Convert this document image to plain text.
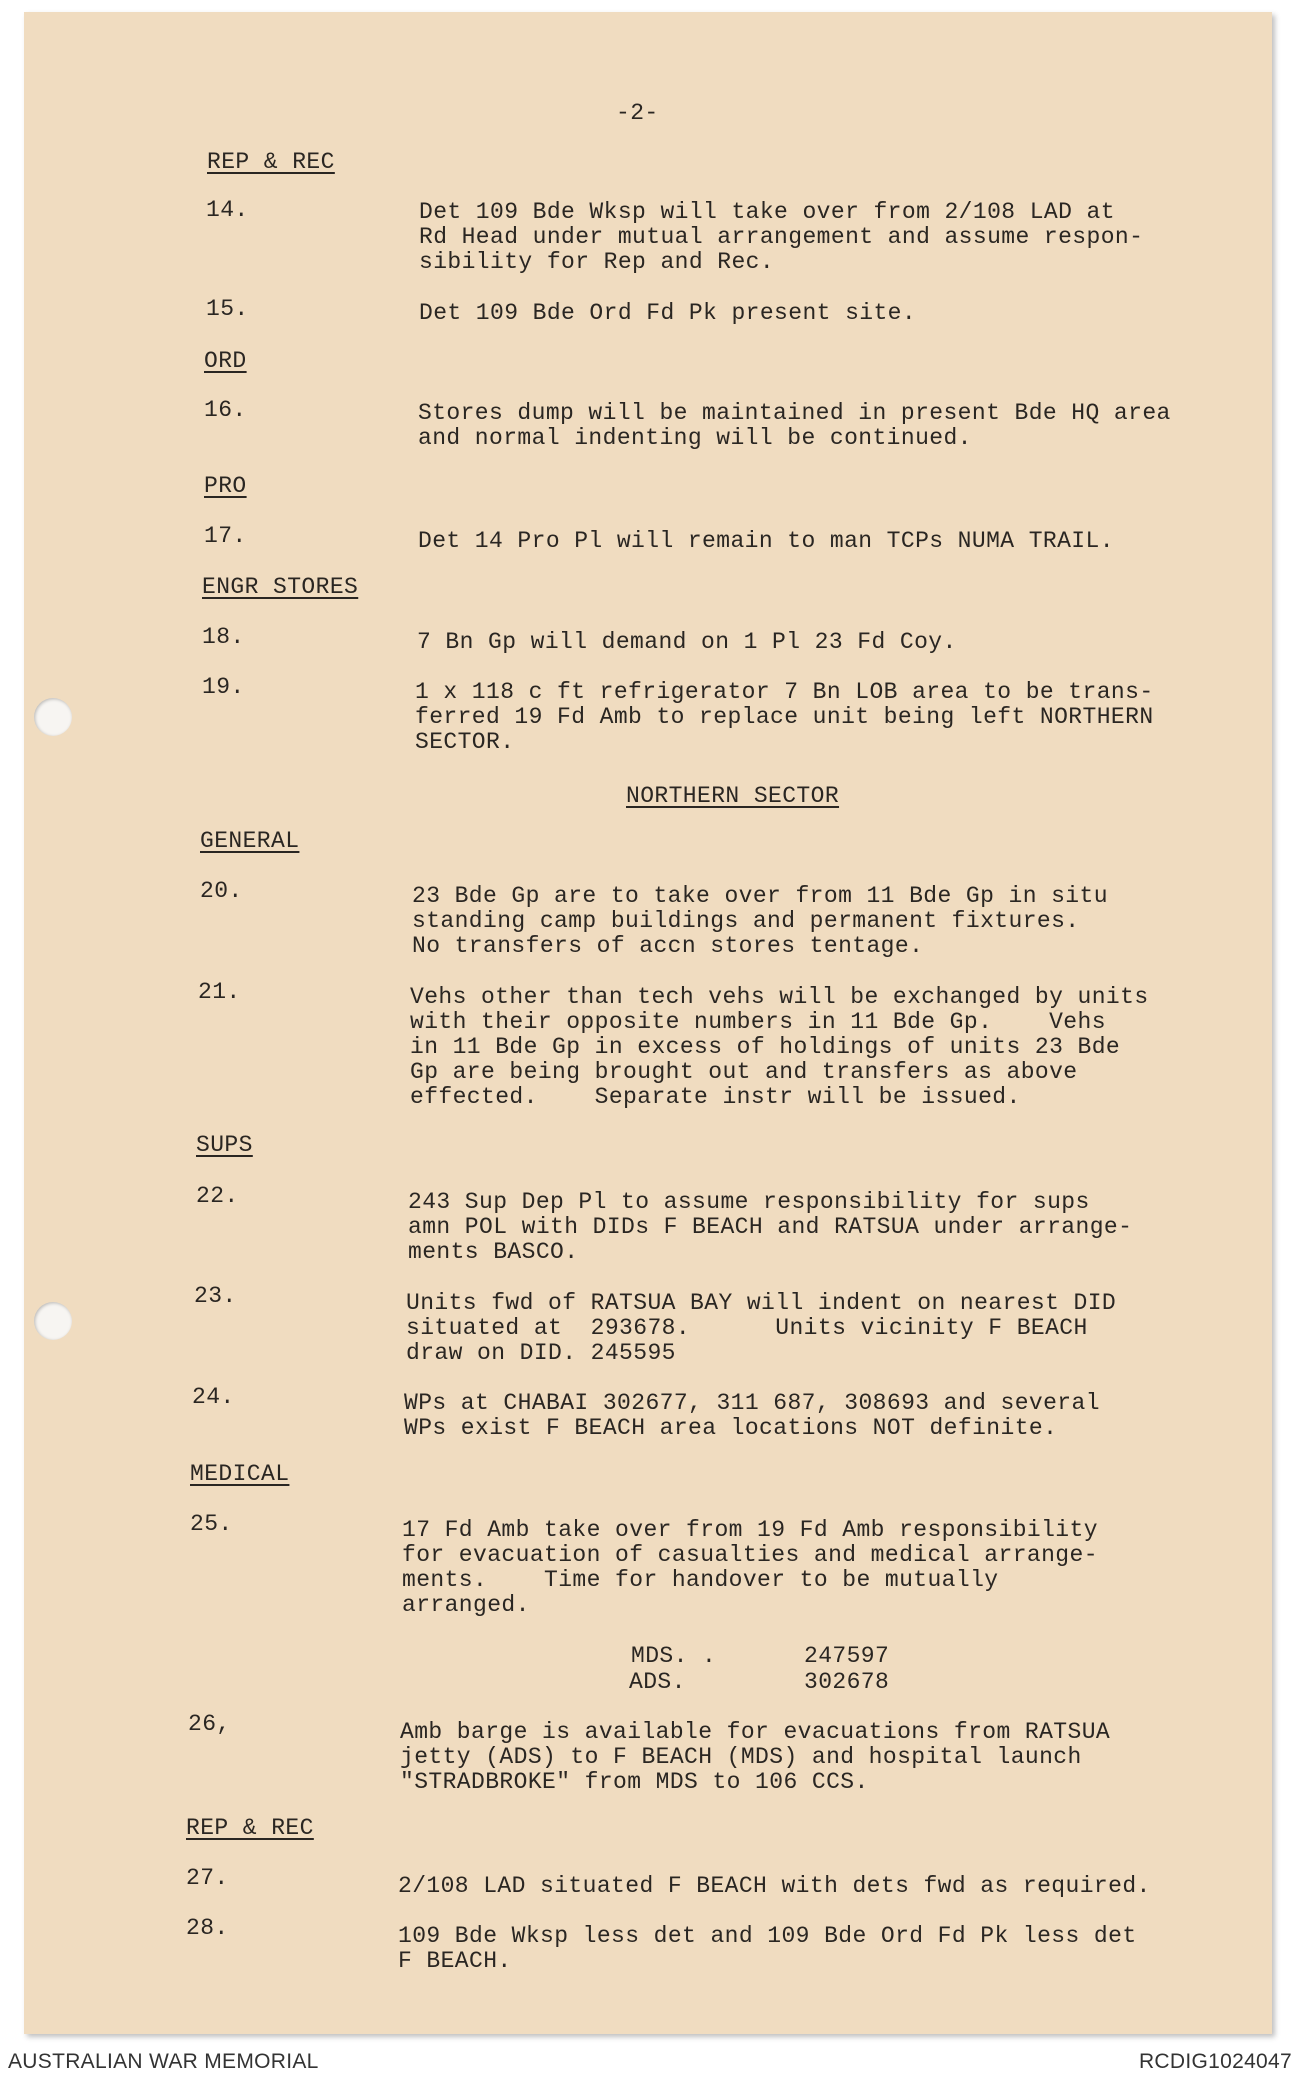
-2-
REP & REC
14.	Det 109 Bde Wksp will take over from 2/108 LAD at
Rd Head under mutual arrangement and assume respon-
sibility for Rep and Rec.
15.	Det 109 Bde Ord Fd Pk present site.
ORD
16.	Stores dump will be maintained in present Bde HQ area
and normal indenting will be continued.
PRO
17.	Det 14 Pro Pl will remain to man TCPs NUMA TRAIL.
ENGR STORES
18.	7 Bn Gp will demand on 1 Pl 23 Fd Coy.
19.	1 x 118 c ft refrigerator 7 Bn LOB area to be trans-
ferred 19 Fd Amb to replace unit being left NORTHERN
SECTOR.
NORTHERN SECTOR
GENERAL
20.	23 Bde Gp are to take over from 11 Bde Gp in situ
standing camp buildings and permanent fixtures.
No transfers of accn stores tentage.
21.	Vehs other than tech vehs will be exchanged by units
with their opposite numbers in 11 Bde Gp.    Vehs
in 11 Bde Gp in excess of holdings of units 23 Bde
Gp are being brought out and transfers as above
effected.    Separate instr will be issued.
SUPS
22.	243 Sup Dep Pl to assume responsibility for sups
amn POL with DIDs F BEACH and RATSUA under arrange-
ments BASCO.
23.	Units fwd of RATSUA BAY will indent on nearest DID
situated at  293678.      Units vicinity F BEACH
draw on DID. 245595
24.	WPs at CHABAI 302677, 311 687, 308693 and several
WPs exist F BEACH area locations NOT definite.
MEDICAL
25.	17 Fd Amb take over from 19 Fd Amb responsibility
for evacuation of casualties and medical arrange-
ments.    Time for handover to be mutually
arranged.
MDS. .	247597
ADS.	302678
26,	Amb barge is available for evacuations from RATSUA
jetty (ADS) to F BEACH (MDS) and hospital launch
"STRADBROKE" from MDS to 106 CCS.
REP & REC
27.	2/108 LAD situated F BEACH with dets fwd as required.
28.	109 Bde Wksp less det and 109 Bde Ord Fd Pk less det
F BEACH.
AUSTRALIAN WAR MEMORIAL	RCDIG1024047
